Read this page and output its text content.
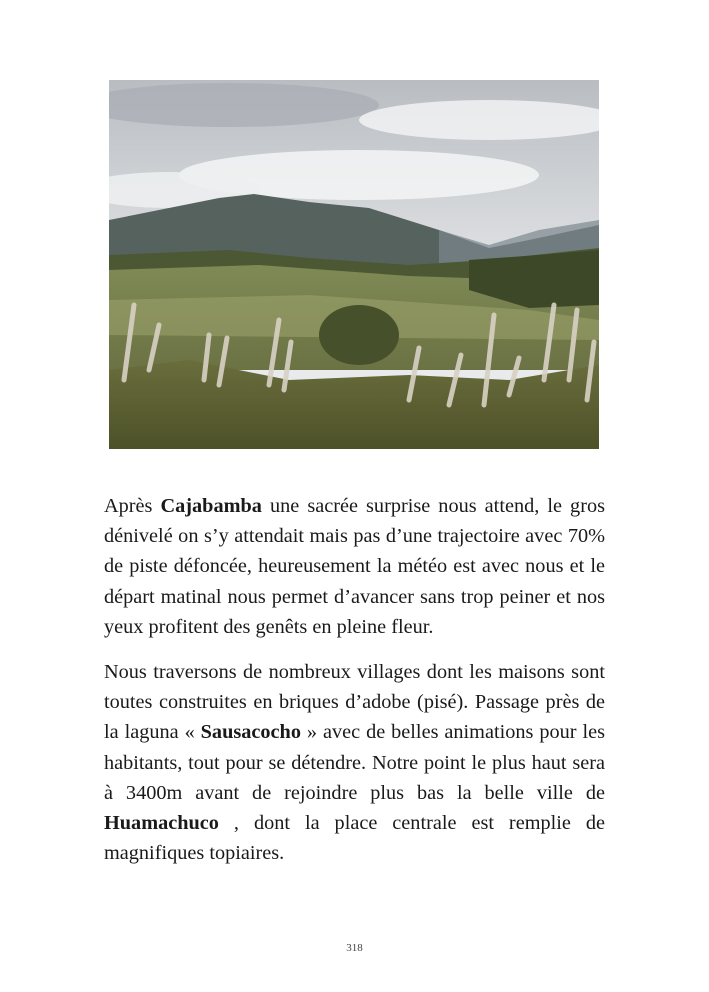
Après Cajabamba une sacrée surprise nous attend, le gros dénivelé on s’y attendait mais pas d’une trajectoire avec 70% de piste défoncée, heureusement la météo est avec nous et le départ matinal nous permet d’avancer sans trop peiner et nos yeux profitent des genêts en pleine fleur.

Nous traversons de nombreux villages dont les maisons sont toutes construites en briques d’adobe (pisé). Passage près de la laguna « Sausacocho » avec de belles animations pour les habitants, tout pour se détendre. Notre point le plus haut sera à 3400m avant de rejoindre plus bas la belle ville de Huamachuco , dont la place centrale est remplie de magnifiques topiaires.

318
